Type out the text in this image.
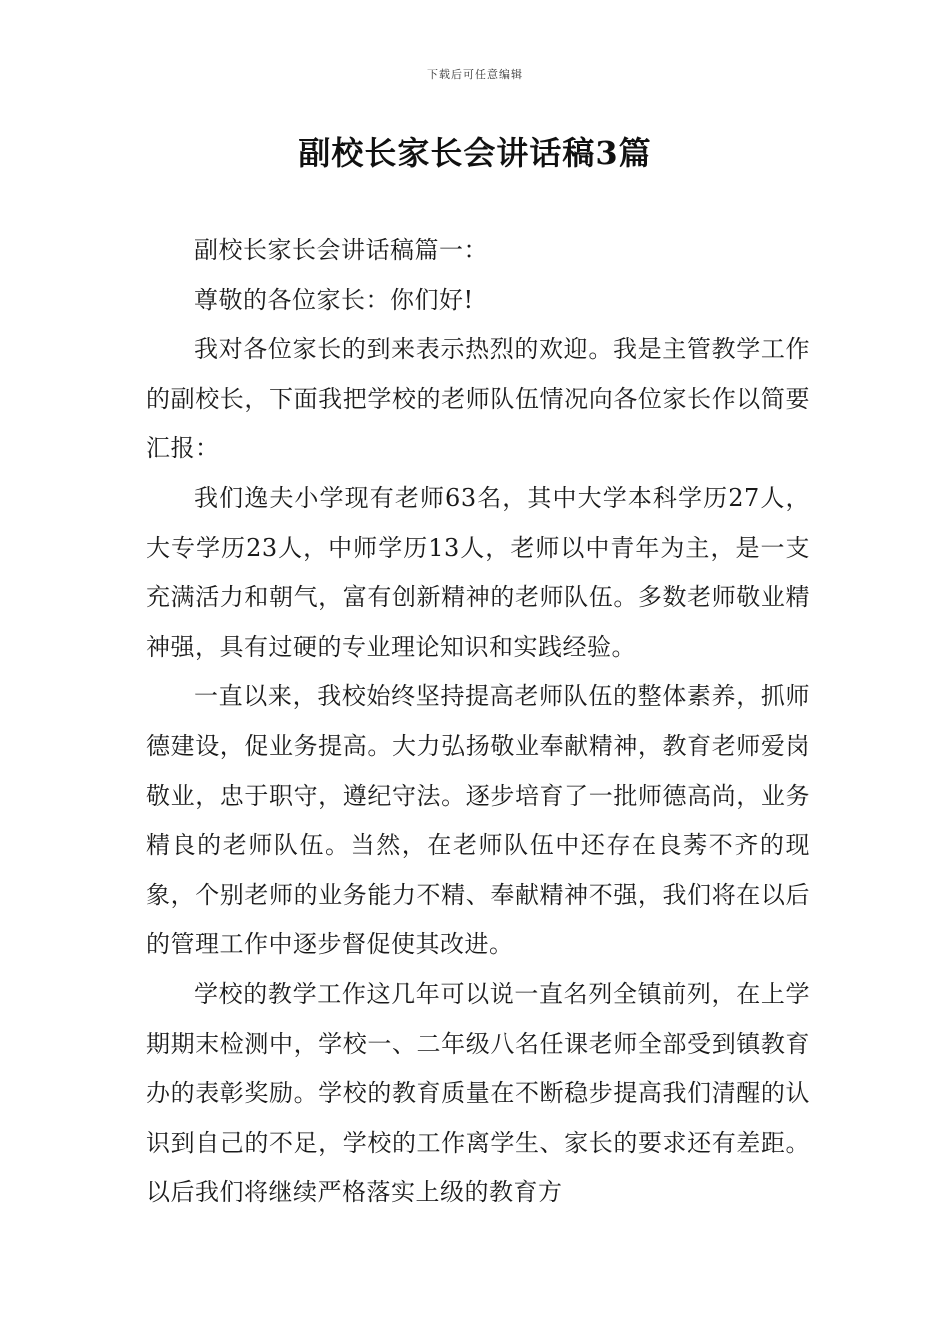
下载后可任意编辑
副校长家长会讲话稿3篇

副校长家长会讲话稿篇一：

尊敬的各位家长：你们好!

我对各位家长的到来表示热烈的欢迎。我是主管教学工作的副校长，下面我把学校的老师队伍情况向各位家长作以简要汇报：

我们逸夫小学现有老师63名，其中大学本科学历27人，大专学历23人，中师学历13人，老师以中青年为主，是一支充满活力和朝气，富有创新精神的老师队伍。多数老师敬业精神强，具有过硬的专业理论知识和实践经验。

一直以来，我校始终坚持提高老师队伍的整体素养，抓师德建设，促业务提高。大力弘扬敬业奉献精神，教育老师爱岗敬业，忠于职守，遵纪守法。逐步培育了一批师德高尚，业务精良的老师队伍。当然，在老师队伍中还存在良莠不齐的现象，个别老师的业务能力不精、奉献精神不强，我们将在以后的管理工作中逐步督促使其改进。

学校的教学工作这几年可以说一直名列全镇前列，在上学期期末检测中，学校一、二年级八名任课老师全部受到镇教育办的表彰奖励。学校的教育质量在不断稳步提高我们清醒的认识到自己的不足，学校的工作离学生、家长的要求还有差距。以后我们将继续严格落实上级的教育方
